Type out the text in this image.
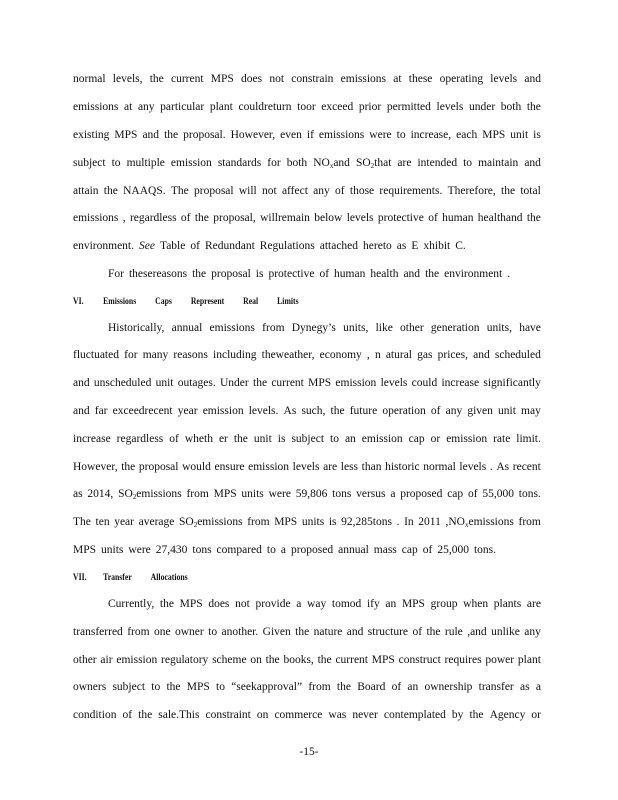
normal levels, the current MPS does not constrain emissions at these operating levels and
emissions at any particular plant couldreturn toor exceed prior permitted levels under both the
existing MPS and the proposal. However, even if emissions were to increase, each MPS unit is
subject to multiple emission standards for both $NO_xand$ $SO_2that$ are intended to maintain and
attain the NAAQS. The proposal will not affect any of those requirements. Therefore, the total
emissions , regardless of the proposal, willremain below levels protective of human healthand the
environment. See Table of Redundant Regulations attached hereto as E xhibit C.
For thesereasons the proposal is protective of human health and the environment .
VI. Emissions Caps Represent Real Limits
Historically, annual emissions from Dynegy’s units, like other generation units, have
fluctuated for many reasons including theweather, economy , n atural gas prices, and scheduled
and unscheduled unit outages. Under the current MPS emission levels could increase significantly
and far exceedrecent year emission levels. As such, the future operation of any given unit may
increase regardless of wheth er the unit is subject to an emission cap or emission rate limit.
However, the proposal would ensure emission levels are less than historic normal levels . As recent
as 2014, $SO_2emissions$ from MPS units were 59,806 tons versus a proposed cap of 55,000 tons.
The ten year average $SO_2emissions$ from MPS units is 92,285tons . In 2011 $,NO_xemissions$ from
MPS units were 27,430 tons compared to a proposed annual mass cap of 25,000 tons.
VII. Transfer Allocations
Currently, the MPS does not provide a way tomod ify an MPS group when plants are
transferred from one owner to another. Given the nature and structure of the rule ,and unlike any
other air emission regulatory scheme on the books, the current MPS construct requires power plant
owners subject to the MPS to “seekapproval” from the Board of an ownership transfer as a
condition of the sale.This constraint on commerce was never contemplated by the Agency or
-15-
